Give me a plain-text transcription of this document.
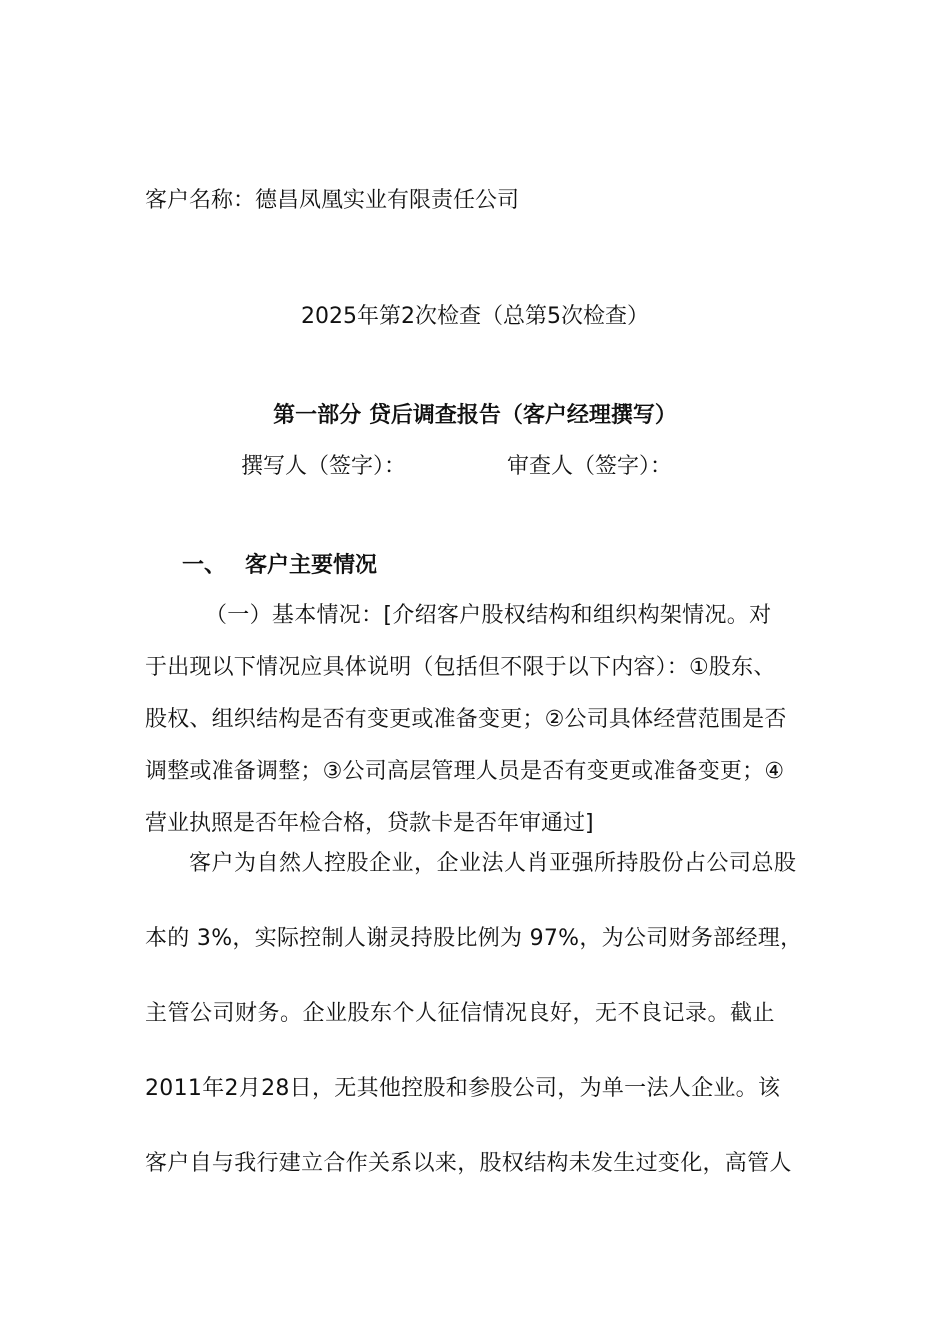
客户名称：德昌凤凰实业有限责任公司
2025年第2次检查（总第5次检查）
第一部分 贷后调查报告（客户经理撰写）
撰写人（签字）：	审查人（签字）：
一、 客户主要情况
（一）基本情况：[介绍客户股权结构和组织构架情况。对
于出现以下情况应具体说明（包括但不限于以下内容）：①股东、
股权、组织结构是否有变更或准备变更；②公司具体经营范围是否
调整或准备调整；③公司高层管理人员是否有变更或准备变更；④
营业执照是否年检合格，贷款卡是否年审通过]
客户为自然人控股企业，企业法人肖亚强所持股份占公司总股
本的 3%，实际控制人谢灵持股比例为 97%，为公司财务部经理，
主管公司财务。企业股东个人征信情况良好，无不良记录。截止
2011年2月28日，无其他控股和参股公司，为单一法人企业。该
客户自与我行建立合作关系以来，股权结构未发生过变化，高管人
